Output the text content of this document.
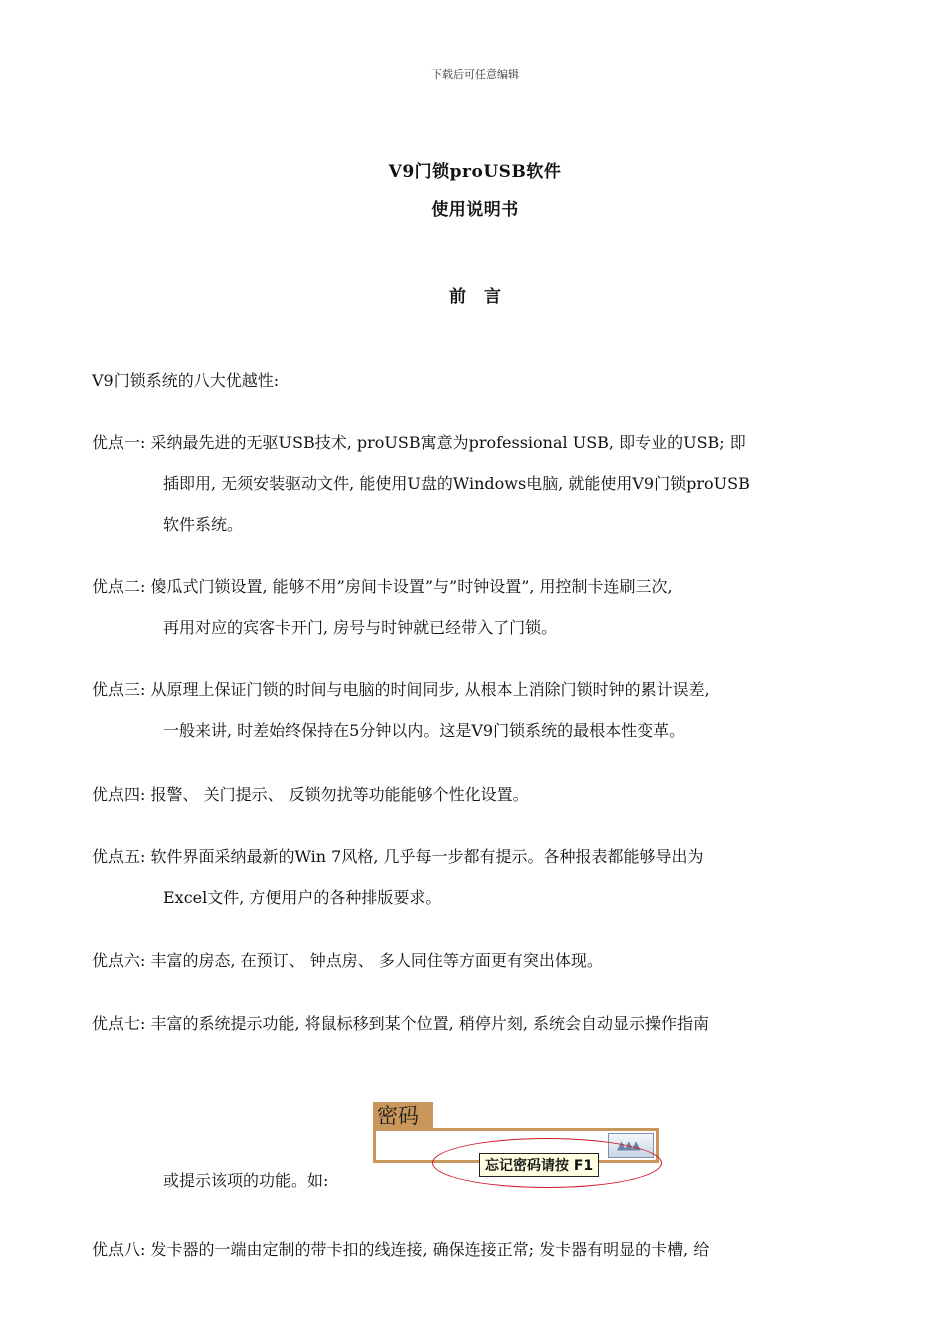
下载后可任意编辑
V9门锁proUSB软件
使用说明书
前 言
V9门锁系统的八大优越性:
优点一: 采纳最先进的无驱USB技术, proUSB寓意为professional USB, 即专业的USB; 即
插即用, 无须安装驱动文件, 能使用U盘的Windows电脑, 就能使用V9门锁proUSB
软件系统。
优点二: 傻瓜式门锁设置, 能够不用”房间卡设置”与”时钟设置”, 用控制卡连刷三次,
再用对应的宾客卡开门, 房号与时钟就已经带入了门锁。
优点三: 从原理上保证门锁的时间与电脑的时间同步, 从根本上消除门锁时钟的累计误差,
一般来讲, 时差始终保持在5分钟以内。这是V9门锁系统的最根本性变革。
优点四: 报警、 关门提示、 反锁勿扰等功能能够个性化设置。
优点五: 软件界面采纳最新的Win 7风格, 几乎每一步都有提示。各种报表都能够导出为
Excel文件, 方便用户的各种排版要求。
优点六: 丰富的房态, 在预订、 钟点房、 多人同住等方面更有突出体现。
优点七: 丰富的系统提示功能, 将鼠标移到某个位置, 稍停片刻, 系统会自动显示操作指南
密码
▲▲▲
忘记密码请按 F1
或提示该项的功能。如:
优点八: 发卡器的一端由定制的带卡扣的线连接, 确保连接正常; 发卡器有明显的卡槽, 给
